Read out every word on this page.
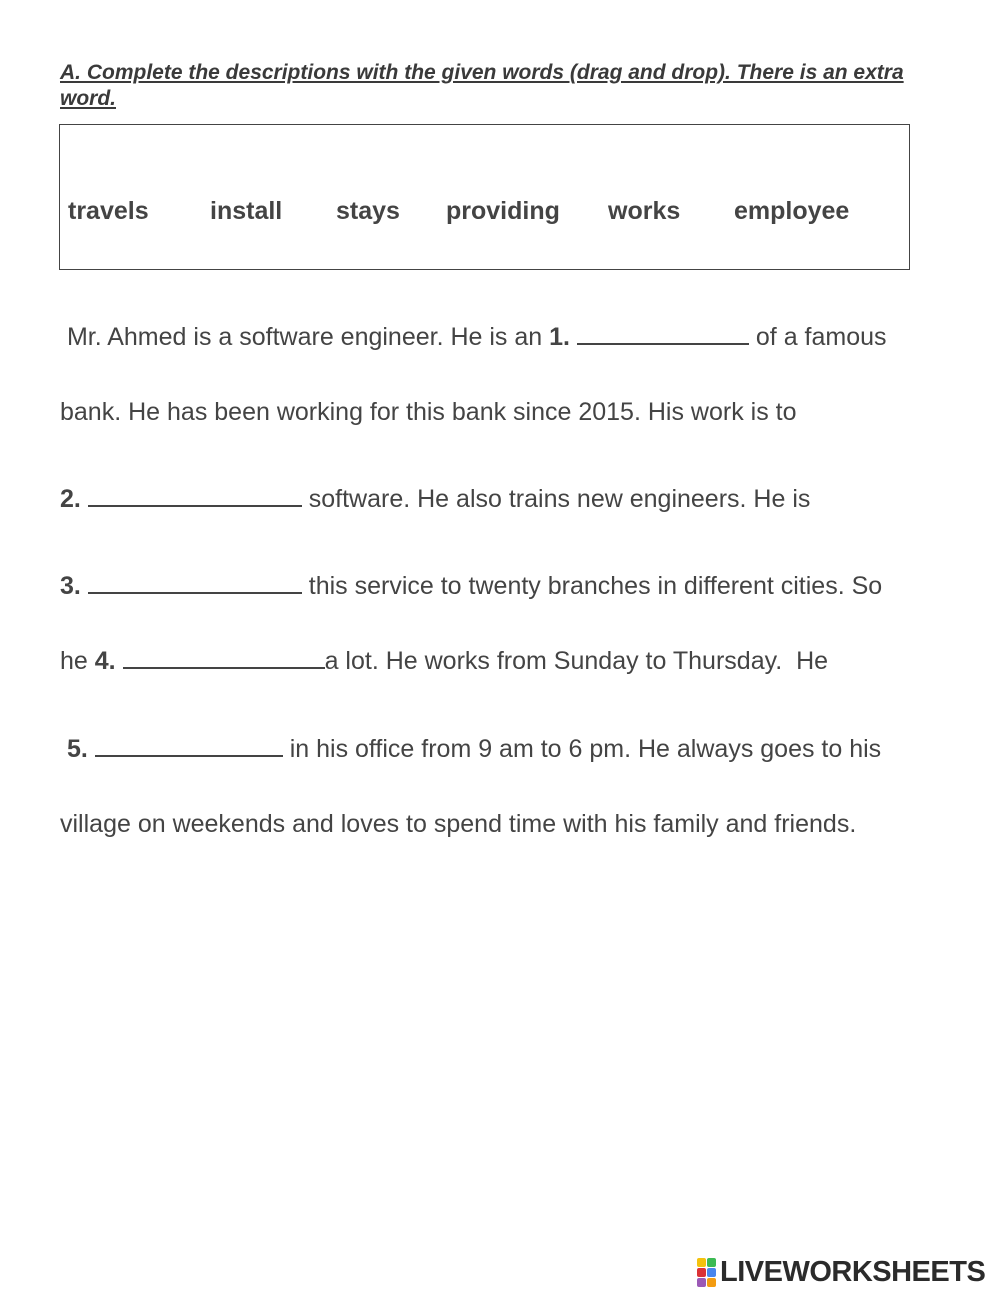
A. Complete the descriptions with the given words (drag and drop). There is an extra word.
travels install stays providing works employee
Mr. Ahmed is a software engineer. He is an 1.	of a famous
bank. He has been working for this bank since 2015. His work is to
2.	software. He also trains new engineers. He is
3.	this service to twenty branches in different cities. So
he 4.	a lot. He works from Sunday to Thursday.  He
5.	in his office from 9 am to 6 pm. He always goes to his
village on weekends and loves to spend time with his family and friends.
LIVEWORKSHEETS
